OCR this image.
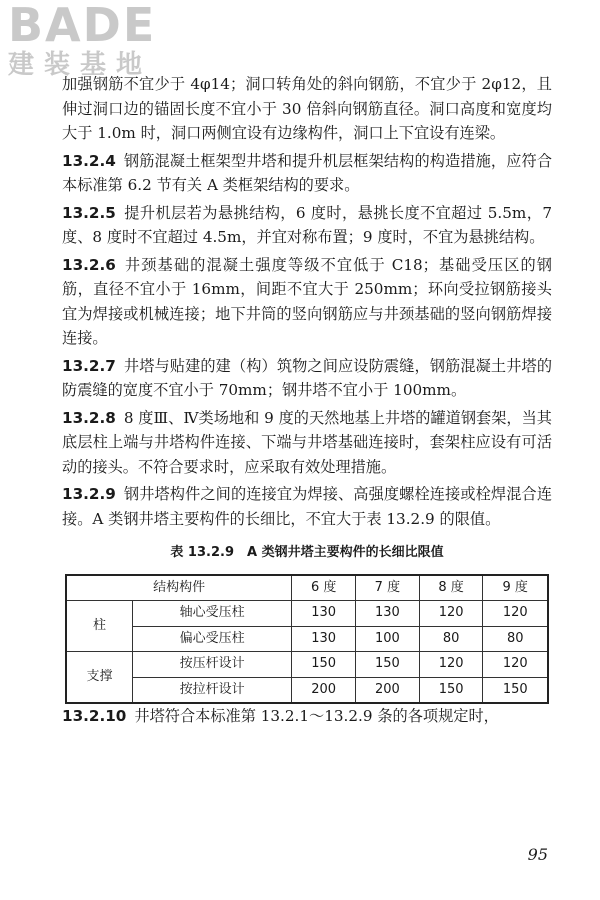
BADE
建装基地

加强钢筋不宜少于 4φ14；洞口转角处的斜向钢筋，不宜少于 2φ12，且伸过洞口边的锚固长度不宜小于 30 倍斜向钢筋直径。洞口高度和宽度均大于 1.0m 时，洞口两侧宜设有边缘构件，洞口上下宜设有连梁。

13.2.4 钢筋混凝土框架型井塔和提升机层框架结构的构造措施，应符合本标准第 6.2 节有关 A 类框架结构的要求。

13.2.5 提升机层若为悬挑结构，6 度时，悬挑长度不宜超过 5.5m，7 度、8 度时不宜超过 4.5m，并宜对称布置；9 度时，不宜为悬挑结构。

13.2.6 井颈基础的混凝土强度等级不宜低于 C18；基础受压区的钢筋，直径不宜小于 16mm，间距不宜大于 250mm；环向受拉钢筋接头宜为焊接或机械连接；地下井筒的竖向钢筋应与井颈基础的竖向钢筋焊接连接。

13.2.7 井塔与贴建的建（构）筑物之间应设防震缝，钢筋混凝土井塔的防震缝的宽度不宜小于 70mm；钢井塔不宜小于 100mm。

13.2.8 8 度Ⅲ、Ⅳ类场地和 9 度的天然地基上井塔的罐道钢套架，当其底层柱上端与井塔构件连接、下端与井塔基础连接时，套架柱应设有可活动的接头。不符合要求时，应采取有效处理措施。

13.2.9 钢井塔构件之间的连接宜为焊接、高强度螺栓连接或栓焊混合连接。A 类钢井塔主要构件的长细比，不宜大于表 13.2.9 的限值。

表 13.2.9　A 类钢井塔主要构件的长细比限值
结构构件		6 度	7 度	8 度	9 度
柱	轴心受压柱	130	130	120	120
	偏心受压柱	130	100	80	80
支撑	按压杆设计	150	150	120	120
	按拉杆设计	200	200	150	150

13.2.10 井塔符合本标准第 13.2.1～13.2.9 条的各项规定时，

95
